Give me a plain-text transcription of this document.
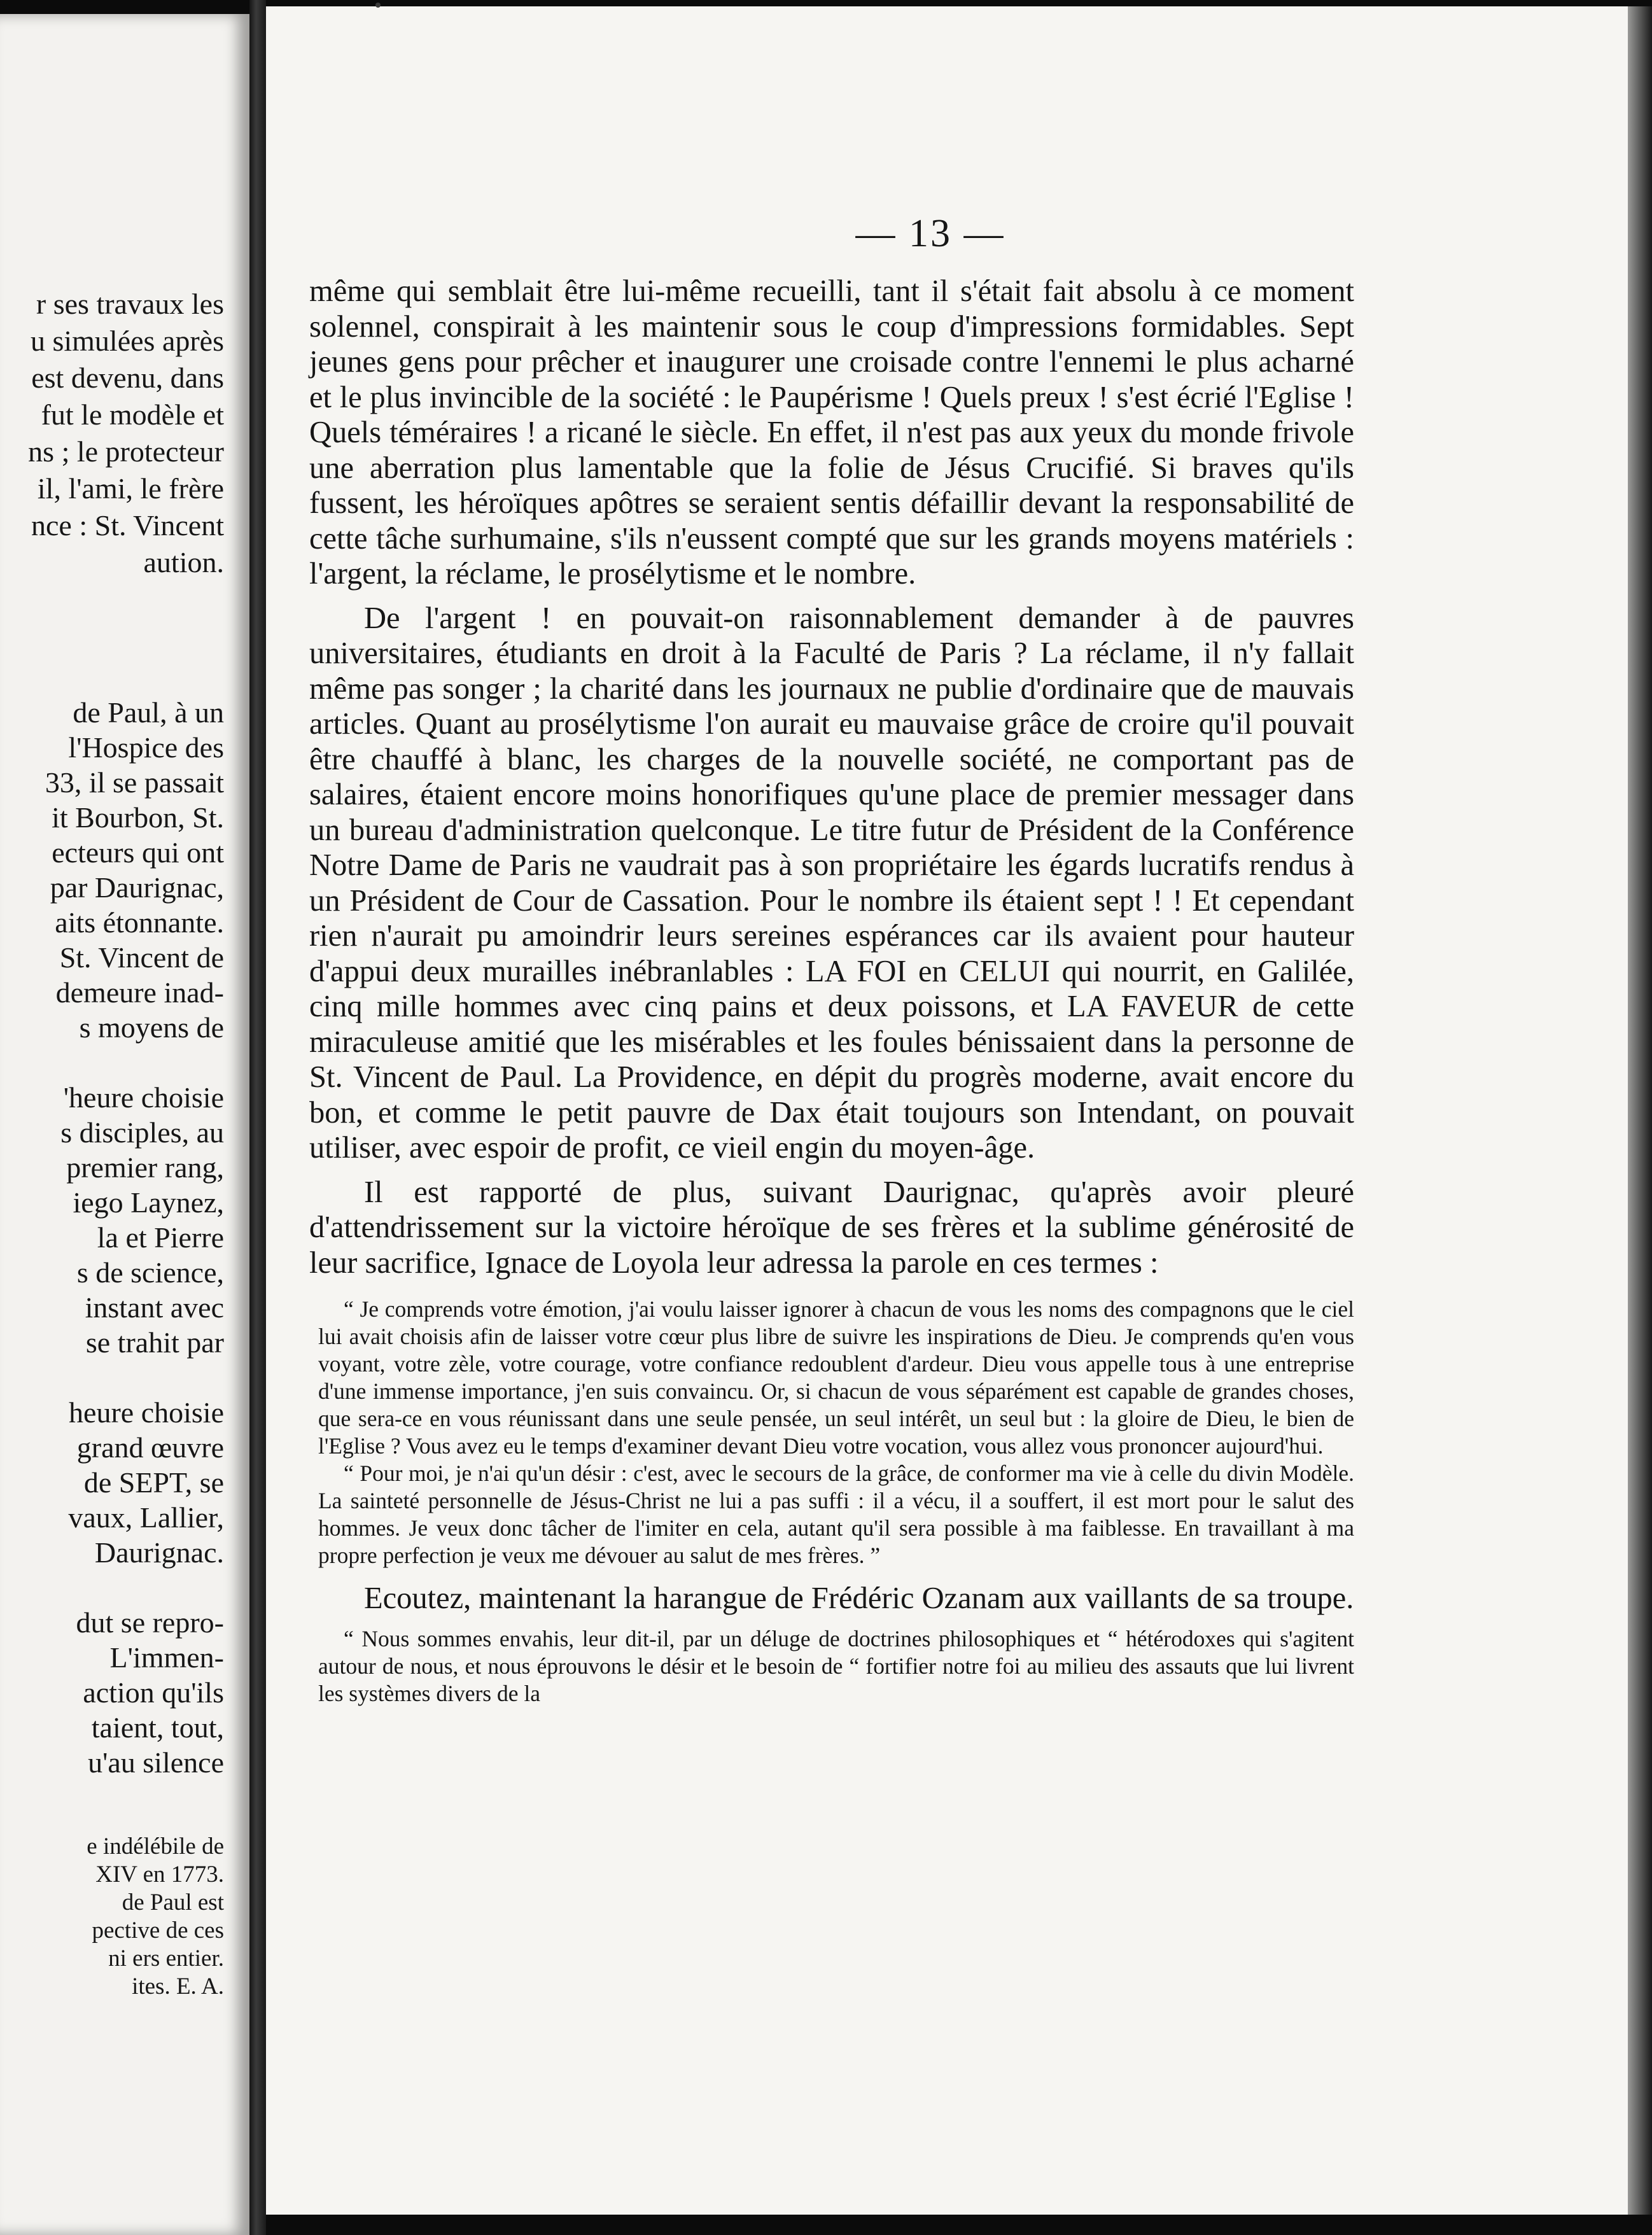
r ses travaux les

u simulées après

est devenu, dans

fut le modèle et

ns ; le protecteur

il, l'ami, le frère

nce : St. Vincent

aution.

de Paul, à un

l'Hospice des

33, il se passait

it Bourbon, St.

ecteurs qui ont

par Daurignac,

aits étonnante.

St. Vincent de

demeure inad-

s moyens de

'heure choisie

s disciples, au

premier rang,

iego Laynez,

la et Pierre

s de science,

instant avec

se trahit par

heure choisie

grand œuvre

de SEPT, se

vaux, Lallier,

Daurignac.

dut se repro-

L'immen-

action qu'ils

taient, tout,

u'au silence

e indélébile de

XIV en 1773.

de Paul est

pective de ces

ni ers entier.

ites. E. A.

— 13 —

même qui semblait être lui-même recueilli, tant il s'était fait absolu à ce moment solennel, conspirait à les maintenir sous le coup d'impressions formidables. Sept jeunes gens pour prêcher et inaugurer une croisade contre l'ennemi le plus acharné et le plus invincible de la société : le Paupérisme ! Quels preux ! s'est écrié l'Eglise ! Quels téméraires ! a ricané le siècle. En effet, il n'est pas aux yeux du monde frivole une aberration plus lamentable que la folie de Jésus Crucifié. Si braves qu'ils fussent, les héroïques apôtres se seraient sentis défaillir devant la responsabilité de cette tâche surhumaine, s'ils n'eussent compté que sur les grands moyens matériels : l'argent, la réclame, le prosélytisme et le nombre.

De l'argent ! en pouvait-on raisonnablement demander à de pauvres universitaires, étudiants en droit à la Faculté de Paris ? La réclame, il n'y fallait même pas songer ; la charité dans les journaux ne publie d'ordinaire que de mauvais articles. Quant au prosélytisme l'on aurait eu mauvaise grâce de croire qu'il pouvait être chauffé à blanc, les charges de la nouvelle société, ne comportant pas de salaires, étaient encore moins honorifiques qu'une place de premier messager dans un bureau d'administration quelconque. Le titre futur de Président de la Conférence Notre Dame de Paris ne vaudrait pas à son propriétaire les égards lucratifs rendus à un Président de Cour de Cassation. Pour le nombre ils étaient sept ! ! Et cependant rien n'aurait pu amoindrir leurs sereines espérances car ils avaient pour hauteur d'appui deux murailles inébranlables : LA FOI en CELUI qui nourrit, en Galilée, cinq mille hommes avec cinq pains et deux poissons, et LA FAVEUR de cette miraculeuse amitié que les misérables et les foules bénissaient dans la personne de St. Vincent de Paul. La Providence, en dépit du progrès moderne, avait encore du bon, et comme le petit pauvre de Dax était toujours son Intendant, on pouvait utiliser, avec espoir de profit, ce vieil engin du moyen-âge.

Il est rapporté de plus, suivant Daurignac, qu'après avoir pleuré d'attendrissement sur la victoire héroïque de ses frères et la sublime générosité de leur sacrifice, Ignace de Loyola leur adressa la parole en ces termes :

“ Je comprends votre émotion, j'ai voulu laisser ignorer à chacun de vous les noms des compagnons que le ciel lui avait choisis afin de laisser votre cœur plus libre de suivre les inspirations de Dieu. Je comprends qu'en vous voyant, votre zèle, votre courage, votre confiance redoublent d'ardeur. Dieu vous appelle tous à une entreprise d'une immense importance, j'en suis convaincu. Or, si chacun de vous séparément est capable de grandes choses, que sera-ce en vous réunissant dans une seule pensée, un seul intérêt, un seul but : la gloire de Dieu, le bien de l'Eglise ? Vous avez eu le temps d'examiner devant Dieu votre vocation, vous allez vous prononcer aujourd'hui.

“ Pour moi, je n'ai qu'un désir : c'est, avec le secours de la grâce, de conformer ma vie à celle du divin Modèle. La sainteté personnelle de Jésus-Christ ne lui a pas suffi : il a vécu, il a souffert, il est mort pour le salut des hommes. Je veux donc tâcher de l'imiter en cela, autant qu'il sera possible à ma faiblesse. En travaillant à ma propre perfection je veux me dévouer au salut de mes frères. ”

Ecoutez, maintenant la harangue de Frédéric Ozanam aux vaillants de sa troupe.

“ Nous sommes envahis, leur dit-il, par un déluge de doctrines philosophiques et “ hétérodoxes qui s'agitent autour de nous, et nous éprouvons le désir et le besoin de “ fortifier notre foi au milieu des assauts que lui livrent les systèmes divers de la
